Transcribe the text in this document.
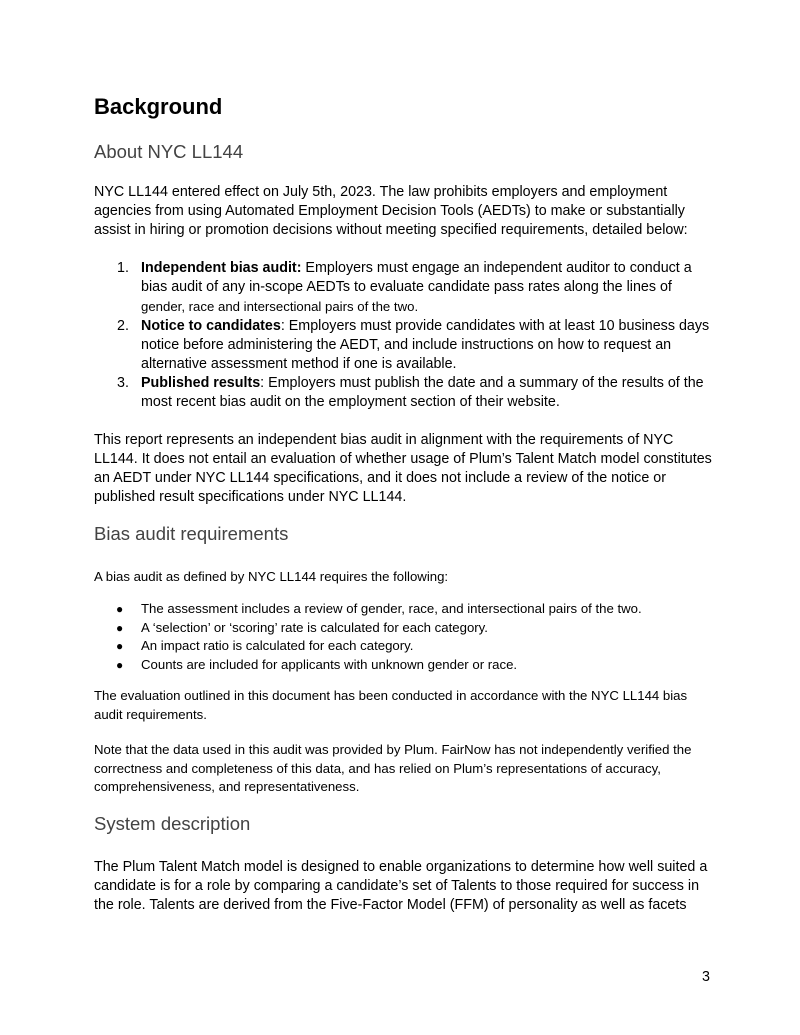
Background
About NYC LL144

NYC LL144 entered effect on July 5th, 2023. The law prohibits employers and employment agencies from using Automated Employment Decision Tools (AEDTs) to make or substantially assist in hiring or promotion decisions without meeting specified requirements, detailed below:

1. Independent bias audit: Employers must engage an independent auditor to conduct a bias audit of any in-scope AEDTs to evaluate candidate pass rates along the lines of gender, race and intersectional pairs of the two.
2. Notice to candidates: Employers must provide candidates with at least 10 business days notice before administering the AEDT, and include instructions on how to request an alternative assessment method if one is available.
3. Published results: Employers must publish the date and a summary of the results of the most recent bias audit on the employment section of their website.

This report represents an independent bias audit in alignment with the requirements of NYC LL144. It does not entail an evaluation of whether usage of Plum’s Talent Match model constitutes an AEDT under NYC LL144 specifications, and it does not include a review of the notice or published result specifications under NYC LL144.

Bias audit requirements

A bias audit as defined by NYC LL144 requires the following:

● The assessment includes a review of gender, race, and intersectional pairs of the two.
● A ‘selection’ or ‘scoring’ rate is calculated for each category.
● An impact ratio is calculated for each category.
● Counts are included for applicants with unknown gender or race.

The evaluation outlined in this document has been conducted in accordance with the NYC LL144 bias audit requirements.

Note that the data used in this audit was provided by Plum. FairNow has not independently verified the correctness and completeness of this data, and has relied on Plum’s representations of accuracy, comprehensiveness, and representativeness.

System description

The Plum Talent Match model is designed to enable organizations to determine how well suited a candidate is for a role by comparing a candidate’s set of Talents to those required for success in the role. Talents are derived from the Five-Factor Model (FFM) of personality as well as facets

3
